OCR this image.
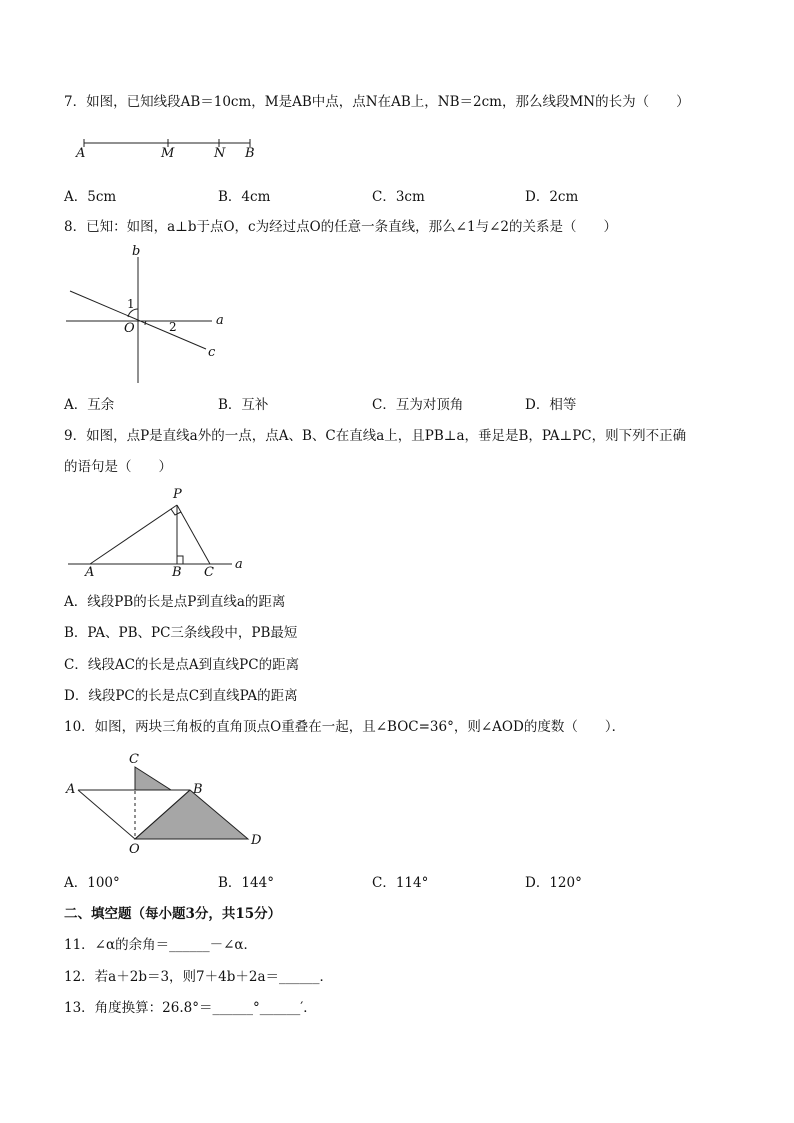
7．如图，已知线段AB＝10cm，M是AB中点，点N在AB上，NB＝2cm，那么线段MN的长为（　　）
A	M	N B
A．5cm	B．4cm	C．3cm	D．2cm
8．已知：如图，a⊥b于点O，c为经过点O的任意一条直线，那么∠1与∠2的关系是（　　）
b
a
c
O
1
2
A．互余	B．互补	C．互为对顶角	D．相等
9．如图，点P是直线a外的一点，点A、B、C在直线a上，且PB⊥a，垂足是B，PA⊥PC，则下列不正确
的语句是（　　）
P
A	B C
a
A．线段PB的长是点P到直线a的距离
B．PA、PB、PC三条线段中，PB最短
C．线段AC的长是点A到直线PC的距离
D．线段PC的长是点C到直线PA的距离
10．如图，两块三角板的直角顶点O重叠在一起，且∠BOC=36°，则∠AOD的度数（　　）．
C
A	B
D
O
A．100°	B．144°	C．114°	D．120°
二、填空题（每小题3分，共15分）
11．∠α的余角＝______－∠α．
12．若a＋2b＝3，则7＋4b＋2a＝______．
13．角度换算：26.8°＝______°______′．
